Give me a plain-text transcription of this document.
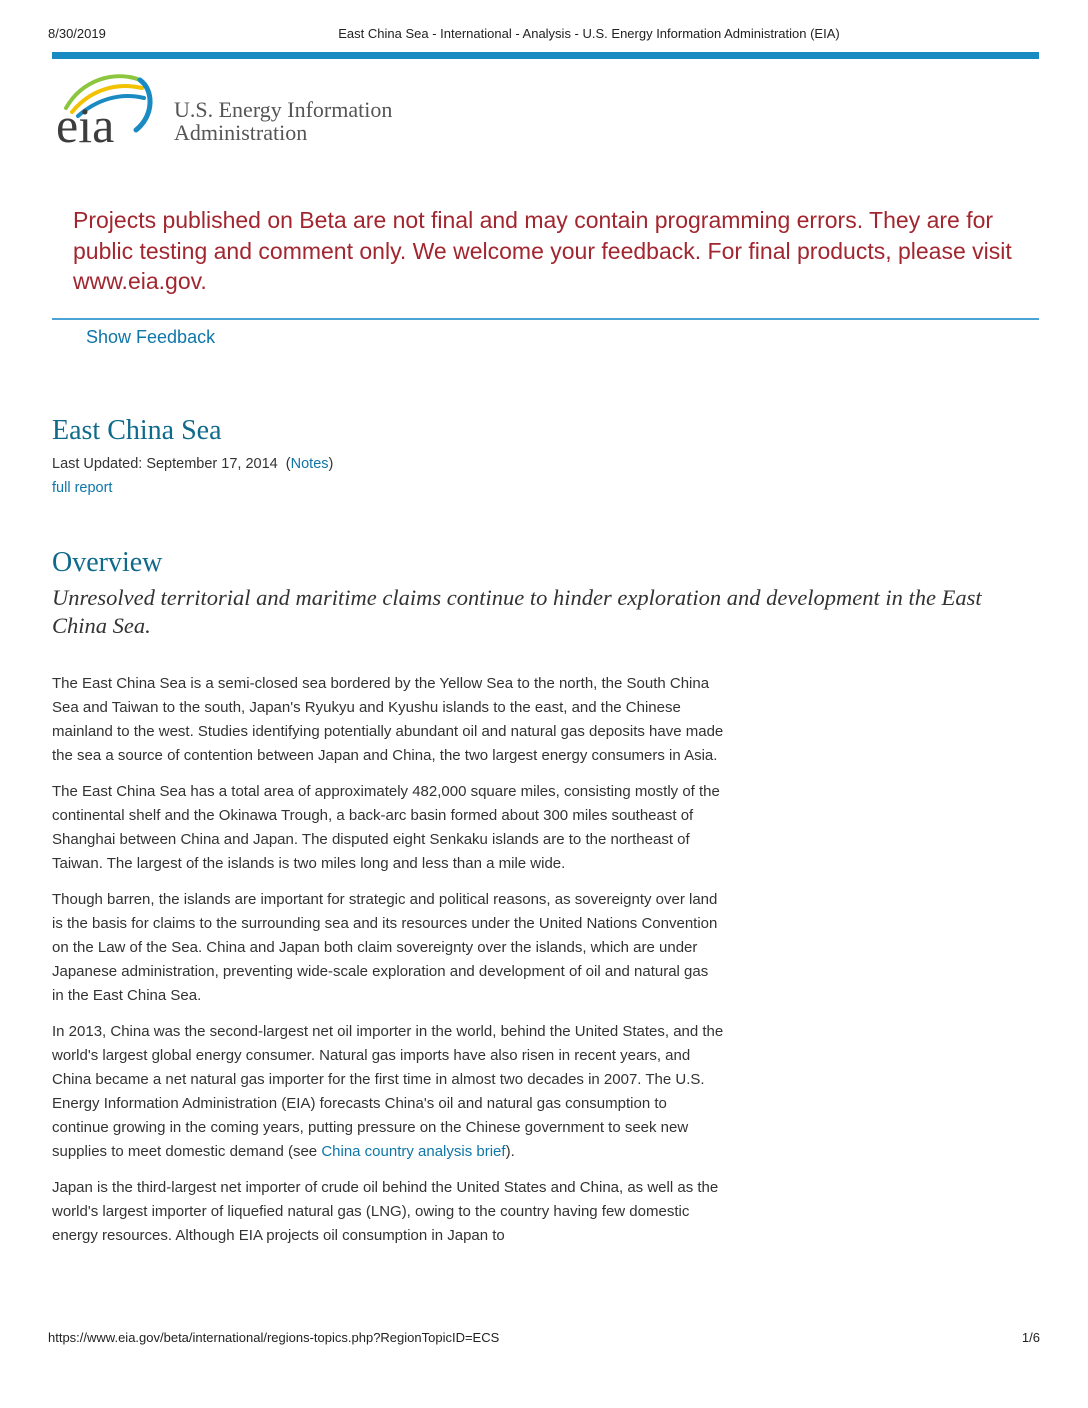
8/30/2019	East China Sea - International - Analysis - U.S. Energy Information Administration (EIA)
eia	U.S. Energy Information
Administration
Projects published on Beta are not final and may contain programming errors. They are for public testing and comment only. We welcome your feedback. For final products, please visit www.eia.gov.
Show Feedback
East China Sea
Last Updated: September 17, 2014 (Notes)
full report
Overview

Unresolved territorial and maritime claims continue to hinder exploration and development in the East China Sea.

The East China Sea is a semi-closed sea bordered by the Yellow Sea to the north, the South China Sea and Taiwan to the south, Japan's Ryukyu and Kyushu islands to the east, and the Chinese mainland to the west. Studies identifying potentially abundant oil and natural gas deposits have made the sea a source of contention between Japan and China, the two largest energy consumers in Asia.

The East China Sea has a total area of approximately 482,000 square miles, consisting mostly of the continental shelf and the Okinawa Trough, a back-arc basin formed about 300 miles southeast of Shanghai between China and Japan. The disputed eight Senkaku islands are to the northeast of Taiwan. The largest of the islands is two miles long and less than a mile wide.

Though barren, the islands are important for strategic and political reasons, as sovereignty over land is the basis for claims to the surrounding sea and its resources under the United Nations Convention on the Law of the Sea. China and Japan both claim sovereignty over the islands, which are under Japanese administration, preventing wide-scale exploration and development of oil and natural gas in the East China Sea.

In 2013, China was the second-largest net oil importer in the world, behind the United States, and the world's largest global energy consumer. Natural gas imports have also risen in recent years, and China became a net natural gas importer for the first time in almost two decades in 2007. The U.S. Energy Information Administration (EIA) forecasts China's oil and natural gas consumption to continue growing in the coming years, putting pressure on the Chinese government to seek new supplies to meet domestic demand (see China country analysis brief).

Japan is the third-largest net importer of crude oil behind the United States and China, as well as the world's largest importer of liquefied natural gas (LNG), owing to the country having few domestic energy resources. Although EIA projects oil consumption in Japan to

https://www.eia.gov/beta/international/regions-topics.php?RegionTopicID=ECS	1/6
